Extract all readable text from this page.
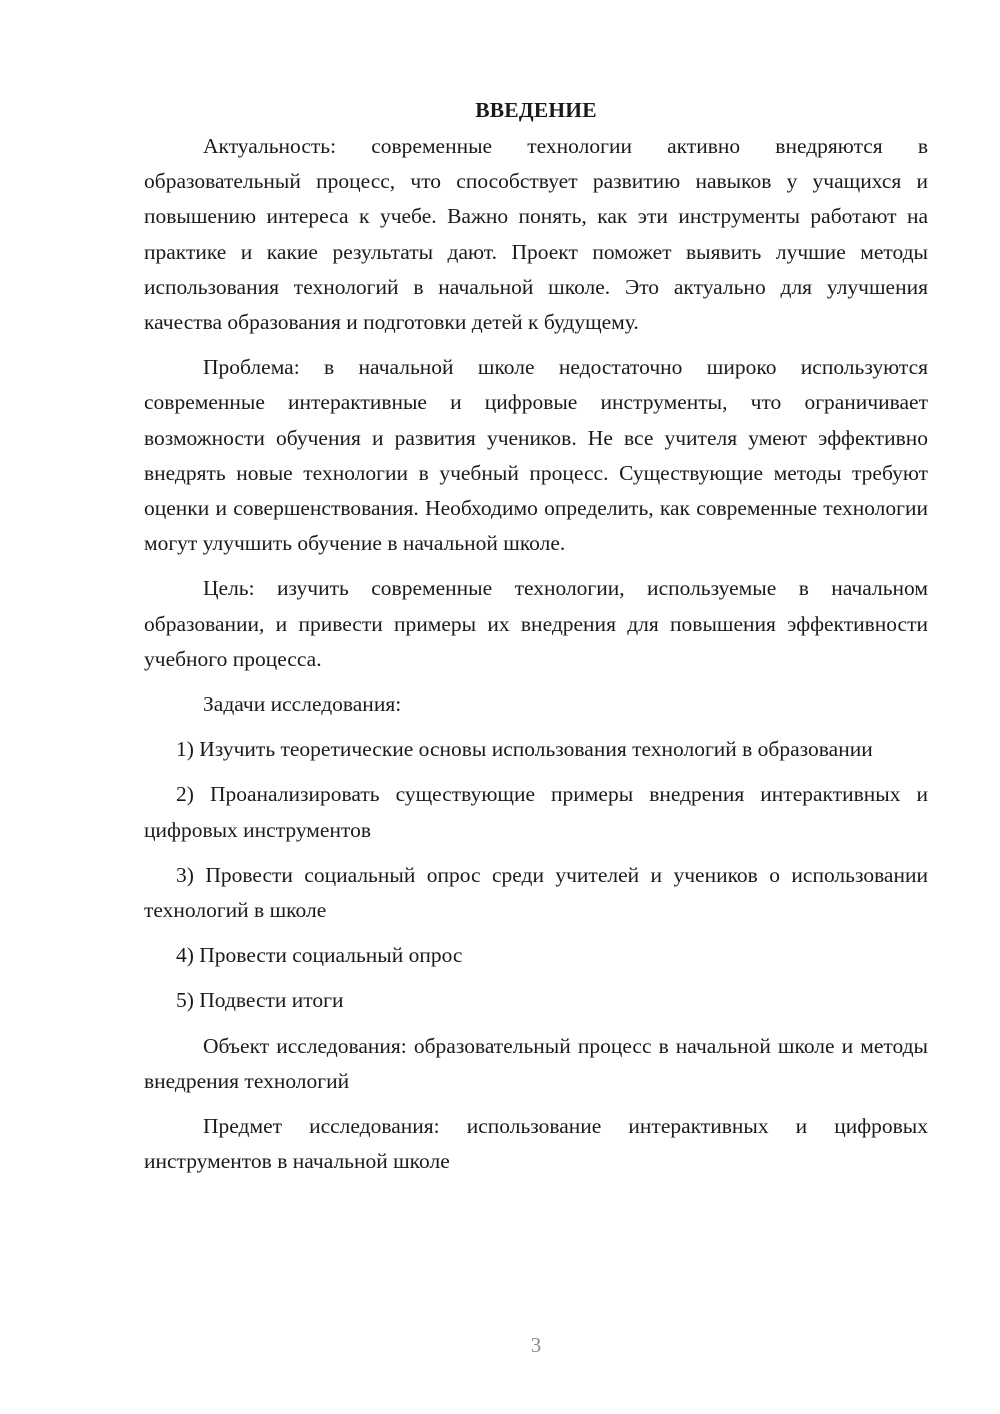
ВВЕДЕНИЕ

Актуальность: современные технологии активно внедряются в образовательный процесс, что способствует развитию навыков у учащихся и повышению интереса к учебе. Важно понять, как эти инструменты работают на практике и какие результаты дают. Проект поможет выявить лучшие методы использования технологий в начальной школе. Это актуально для улучшения качества образования и подготовки детей к будущему.

Проблема: в начальной школе недостаточно широко используются современные интерактивные и цифровые инструменты, что ограничивает возможности обучения и развития учеников. Не все учителя умеют эффективно внедрять новые технологии в учебный процесс. Существующие методы требуют оценки и совершенствования. Необходимо определить, как современные технологии могут улучшить обучение в начальной школе.

Цель: изучить современные технологии, используемые в начальном образовании, и привести примеры их внедрения для повышения эффективности учебного процесса.

Задачи исследования:

1) Изучить теоретические основы использования технологий в образовании

2) Проанализировать существующие примеры внедрения интерактивных и цифровых инструментов

3) Провести социальный опрос среди учителей и учеников о использовании технологий в школе

4) Провести социальный опрос

5) Подвести итоги

Объект исследования: образовательный процесс в начальной школе и методы внедрения технологий

Предмет исследования: использование интерактивных и цифровых инструментов в начальной школе

3
